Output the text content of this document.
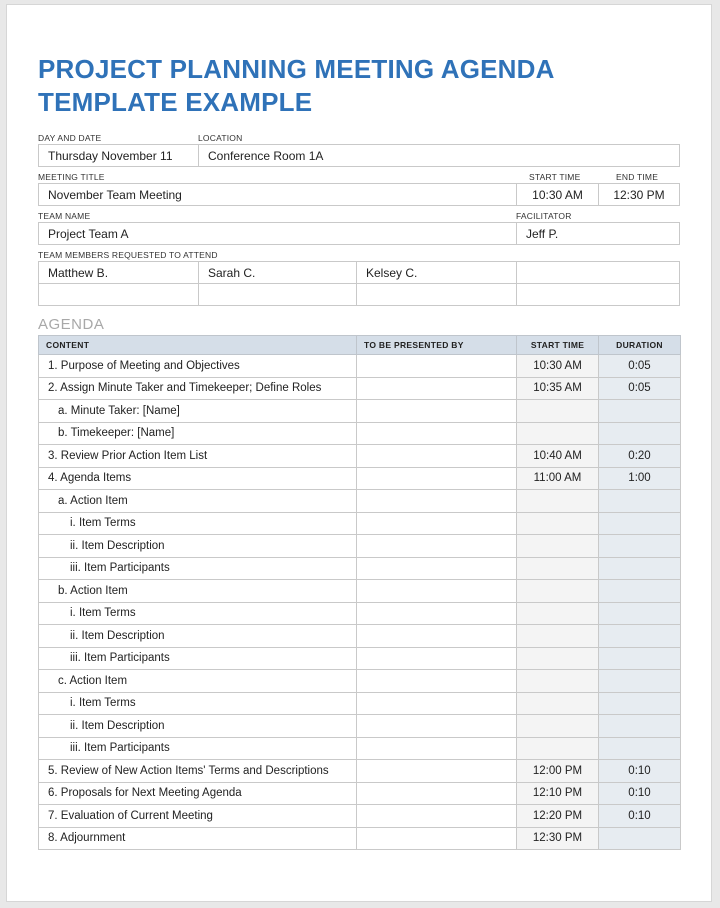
PROJECT PLANNING MEETING AGENDA
TEMPLATE EXAMPLE
DAY AND DATE	LOCATION
Thursday November 11	Conference Room 1A
MEETING TITLE	START TIME	END TIME
November Team Meeting	10:30 AM	12:30 PM
TEAM NAME	FACILITATOR
Project Team A	Jeff P.
TEAM MEMBERS REQUESTED TO ATTEND
Matthew B.	Sarah C.	Kelsey C.
AGENDA
CONTENT	TO BE PRESENTED BY	START TIME	DURATION
1. Purpose of Meeting and Objectives		10:30 AM	0:05
2. Assign Minute Taker and Timekeeper; Define Roles		10:35 AM	0:05
a. Minute Taker: [Name]			
b. Timekeeper: [Name]			
3. Review Prior Action Item List		10:40 AM	0:20
4. Agenda Items		11:00 AM	1:00
a. Action Item			
i. Item Terms			
ii. Item Description			
iii. Item Participants			
b. Action Item			
i. Item Terms			
ii. Item Description			
iii. Item Participants			
c. Action Item			
i. Item Terms			
ii. Item Description			
iii. Item Participants			
5. Review of New Action Items' Terms and Descriptions		12:00 PM	0:10
6. Proposals for Next Meeting Agenda		12:10 PM	0:10
7. Evaluation of Current Meeting		12:20 PM	0:10
8. Adjournment		12:30 PM	
